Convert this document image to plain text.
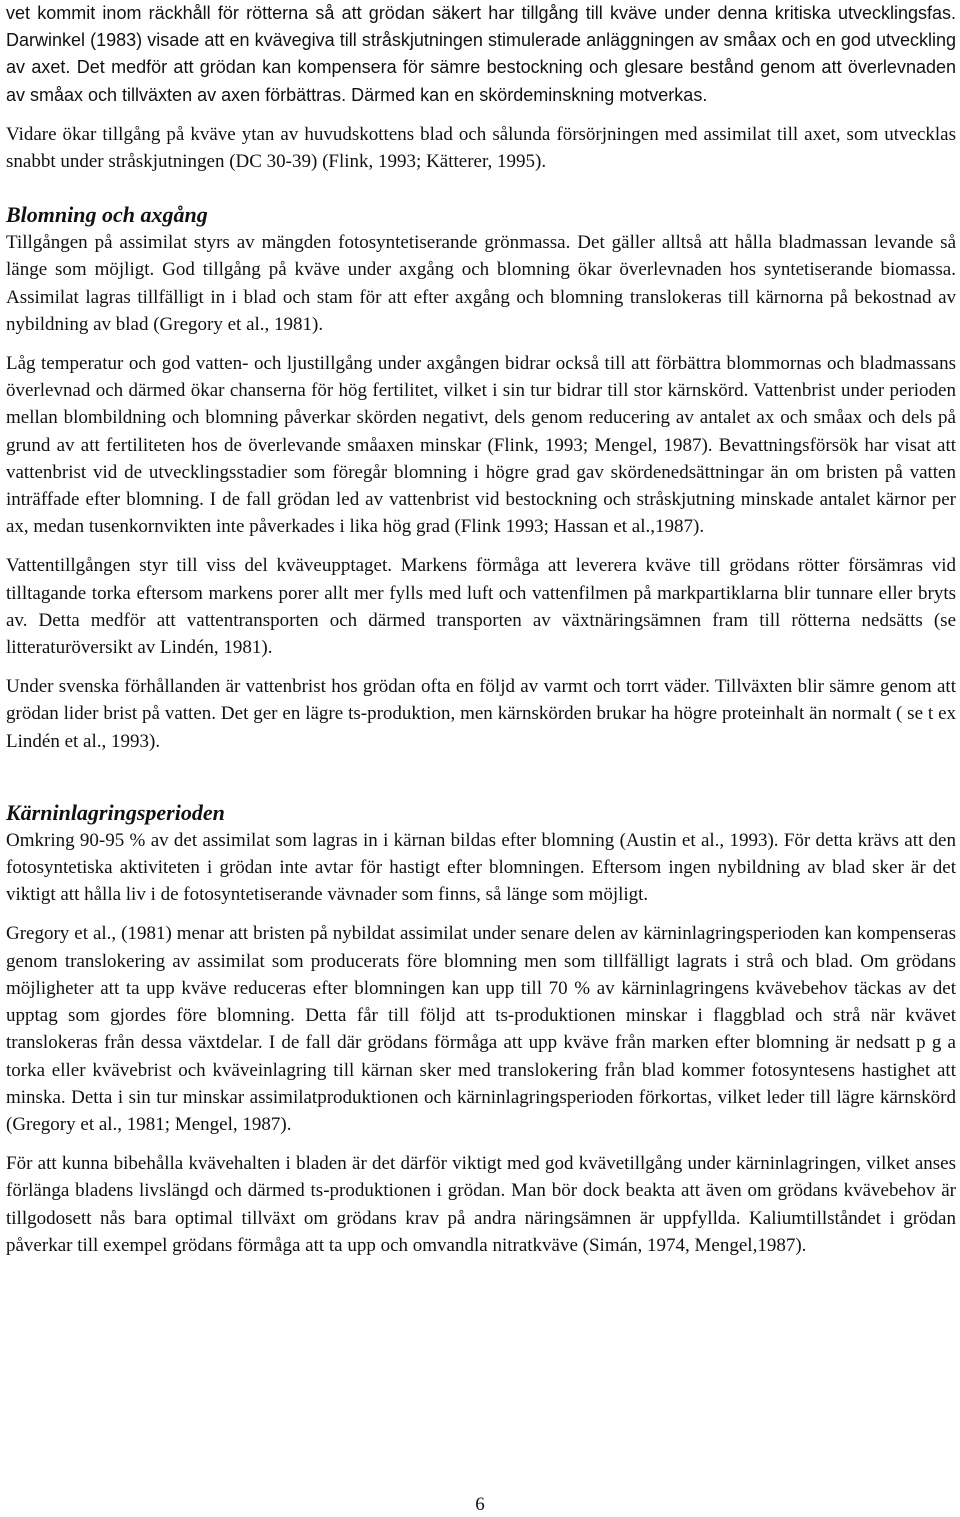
vet kommit inom räckhåll för rötterna så att grödan säkert har tillgång till kväve under denna kritiska utvecklingsfas. Darwinkel (1983) visade att en kvävegiva till stråskjutningen stimulerade anläggningen av småax och en god utveckling av axet. Det medför att grödan kan kompensera för sämre bestockning och glesare bestånd genom att överlevnaden av småax och tillväxten av axen förbättras. Därmed kan en skördeminskning motverkas.

Vidare ökar tillgång på kväve ytan av huvudskottens blad och sålunda försörjningen med assimilat till axet, som utvecklas snabbt under stråskjutningen (DC 30-39) (Flink, 1993; Kätterer, 1995).

Blomning och axgång

Tillgången på assimilat styrs av mängden fotosyntetiserande grönmassa. Det gäller alltså att hålla bladmassan levande så länge som möjligt. God tillgång på kväve under axgång och blomning ökar överlevnaden hos syntetiserande biomassa. Assimilat lagras tillfälligt in i blad och stam för att efter axgång och blomning translokeras till kärnorna på bekostnad av nybildning av blad (Gregory et al., 1981).

Låg temperatur och god vatten- och ljustillgång under axgången bidrar också till att förbättra blommornas och bladmassans överlevnad och därmed ökar chanserna för hög fertilitet, vilket i sin tur bidrar till stor kärnskörd. Vattenbrist under perioden mellan blombildning och blomning påverkar skörden negativt, dels genom reducering av antalet ax och småax och dels på grund av att fertiliteten hos de överlevande småaxen minskar (Flink, 1993; Mengel, 1987). Bevattningsförsök har visat att vattenbrist vid de utvecklingsstadier som föregår blomning i högre grad gav skördenedsättningar än om bristen på vatten inträffade efter blomning. I de fall grödan led av vattenbrist vid bestockning och stråskjutning minskade antalet kärnor per ax, medan tusenkornvikten inte påverkades i lika hög grad (Flink 1993; Hassan et al.,1987).

Vattentillgången styr till viss del kväveupptaget. Markens förmåga att leverera kväve till grödans rötter försämras vid tilltagande torka eftersom markens porer allt mer fylls med luft och vattenfilmen på markpartiklarna blir tunnare eller bryts av. Detta medför att vattentransporten och därmed transporten av växtnäringsämnen fram till rötterna nedsätts (se litteraturöversikt av Lindén, 1981).

Under svenska förhållanden är vattenbrist hos grödan ofta en följd av varmt och torrt väder. Tillväxten blir sämre genom att grödan lider brist på vatten. Det ger en lägre ts-produktion, men kärnskörden brukar ha högre proteinhalt än normalt ( se t ex Lindén et al., 1993).

Kärninlagringsperioden

Omkring 90-95 % av det assimilat som lagras in i kärnan bildas efter blomning (Austin et al., 1993). För detta krävs att den fotosyntetiska aktiviteten i grödan inte avtar för hastigt efter blomningen. Eftersom ingen nybildning av blad sker är det viktigt att hålla liv i de fotosyntetiserande vävnader som finns, så länge som möjligt.

Gregory et al., (1981) menar att bristen på nybildat assimilat under senare delen av kärninlagringsperioden kan kompenseras genom translokering av assimilat som producerats före blomning men som tillfälligt lagrats i strå och blad. Om grödans möjligheter att ta upp kväve reduceras efter blomningen kan upp till 70 % av kärninlagringens kvävebehov täckas av det upptag som gjordes före blomning. Detta får till följd att ts-produktionen minskar i flaggblad och strå när kvävet translokeras från dessa växtdelar. I de fall där grödans förmåga att upp kväve från marken efter blomning är nedsatt p g a torka eller kvävebrist och kväveinlagring till kärnan sker med translokering från blad kommer fotosyntesens hastighet att minska. Detta i sin tur minskar assimilatproduktionen och kärninlagringsperioden förkortas, vilket leder till lägre kärnskörd (Gregory et al., 1981; Mengel, 1987).

För att kunna bibehålla kvävehalten i bladen är det därför viktigt med god kvävetillgång under kärninlagringen, vilket anses förlänga bladens livslängd och därmed ts-produktionen i grödan. Man bör dock beakta att även om grödans kvävebehov är tillgodosett nås bara optimal tillväxt om grödans krav på andra näringsämnen är uppfyllda. Kaliumtillståndet i grödan påverkar till exempel grödans förmåga att ta upp och omvandla nitratkväve (Simán, 1974, Mengel,1987).

6
